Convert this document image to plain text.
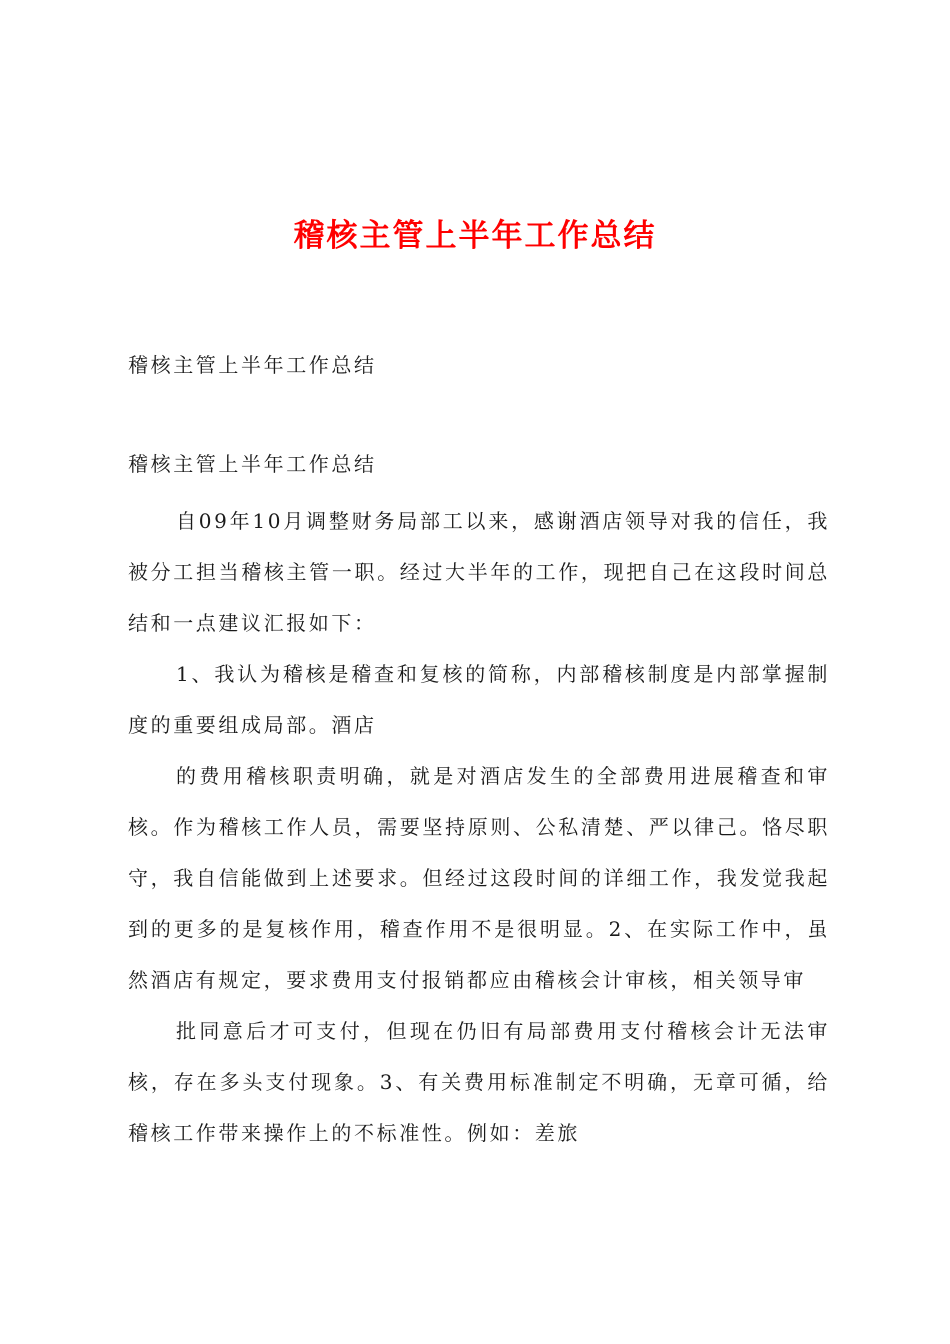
稽核主管上半年工作总结
稽核主管上半年工作总结
稽核主管上半年工作总结

自09年10月调整财务局部工以来，感谢酒店领导对我的信任，我被分工担当稽核主管一职。经过大半年的工作，现把自己在这段时间总结和一点建议汇报如下：

1、我认为稽核是稽查和复核的简称，内部稽核制度是内部掌握制度的重要组成局部。酒店

的费用稽核职责明确，就是对酒店发生的全部费用进展稽查和审核。作为稽核工作人员，需要坚持原则、公私清楚、严以律己。恪尽职守，我自信能做到上述要求。但经过这段时间的详细工作，我发觉我起到的更多的是复核作用，稽查作用不是很明显。2、在实际工作中，虽然酒店有规定，要求费用支付报销都应由稽核会计审核，相关领导审

批同意后才可支付，但现在仍旧有局部费用支付稽核会计无法审核，存在多头支付现象。3、有关费用标准制定不明确，无章可循，给稽核工作带来操作上的不标准性。例如：差旅
